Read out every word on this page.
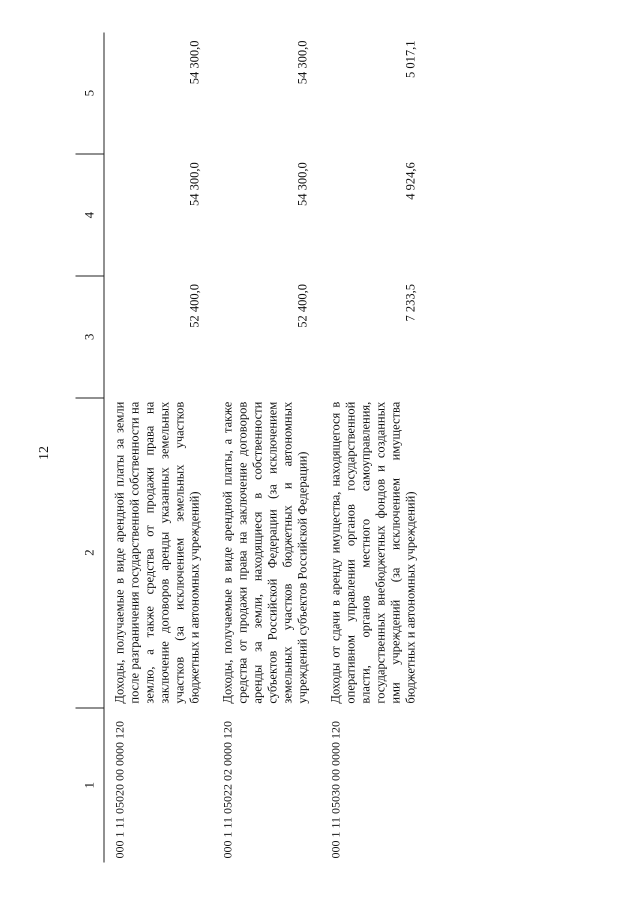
12
1	2	3	4	5
000 1 11 05020 00 0000 120	Доходы, получаемые в виде арендной платы за земли после разграничения государственной собственности на землю, а также средства от продажи права на заключение договоров аренды указанных земельных участков (за исключением земельных участков бюджетных и автономных учреждений)	52 400,0	54 300,0	54 300,0
000 1 11 05022 02 0000 120	Доходы, получаемые в виде арендной платы, а также средства от продажи права на заключение договоров аренды за земли, находящиеся в собственности субъектов Российской Федерации (за исключением земельных участков бюджетных и автономных учреждений субъектов Российской Федерации)	52 400,0	54 300,0	54 300,0
000 1 11 05030 00 0000 120	Доходы от сдачи в аренду имущества, находящегося в оперативном управлении органов государственной власти, органов местного самоуправления, государственных внебюджетных фондов и созданных ими учреждений (за исключением имущества бюджетных и автономных учреждений)	7 233,5	4 924,6	5 017,1
